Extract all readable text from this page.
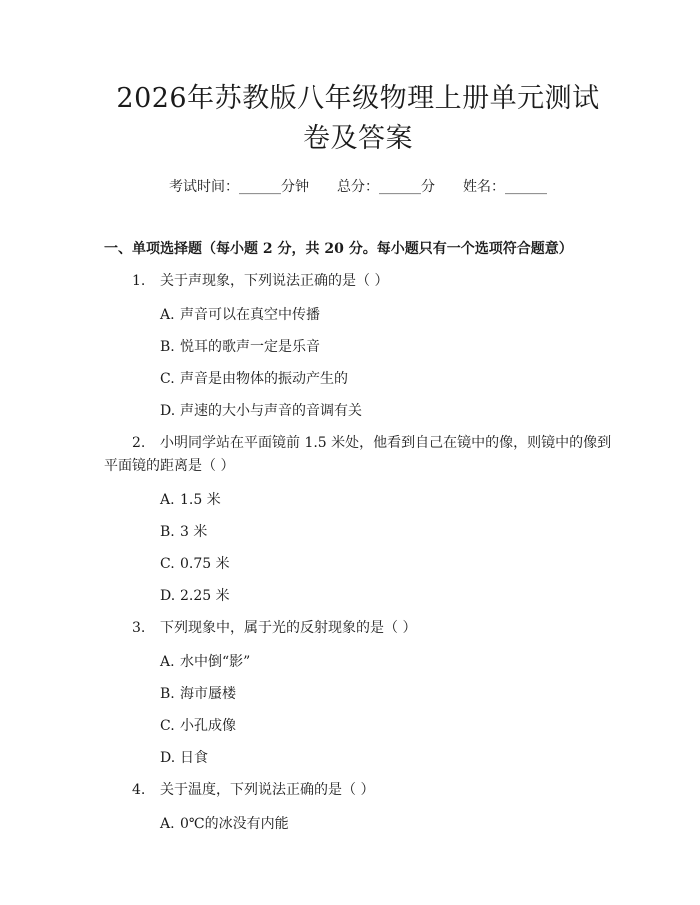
2026年苏教版八年级物理上册单元测试卷及答案
考试时间：______分钟 总分：______分 姓名：______
一、单项选择题（每小题 2 分，共 20 分。每小题只有一个选项符合题意）
1. 关于声现象，下列说法正确的是（ ）
A. 声音可以在真空中传播
B. 悦耳的歌声一定是乐音
C. 声音是由物体的振动产生的
D. 声速的大小与声音的音调有关
2. 小明同学站在平面镜前 1.5 米处，他看到自己在镜中的像，则镜中的像到平面镜的距离是（ ）
A. 1.5 米
B. 3 米
C. 0.75 米
D. 2.25 米
3. 下列现象中，属于光的反射现象的是（ ）
A. 水中倒“影”
B. 海市蜃楼
C. 小孔成像
D. 日食
4. 关于温度，下列说法正确的是（ ）
A. 0℃的冰没有内能
